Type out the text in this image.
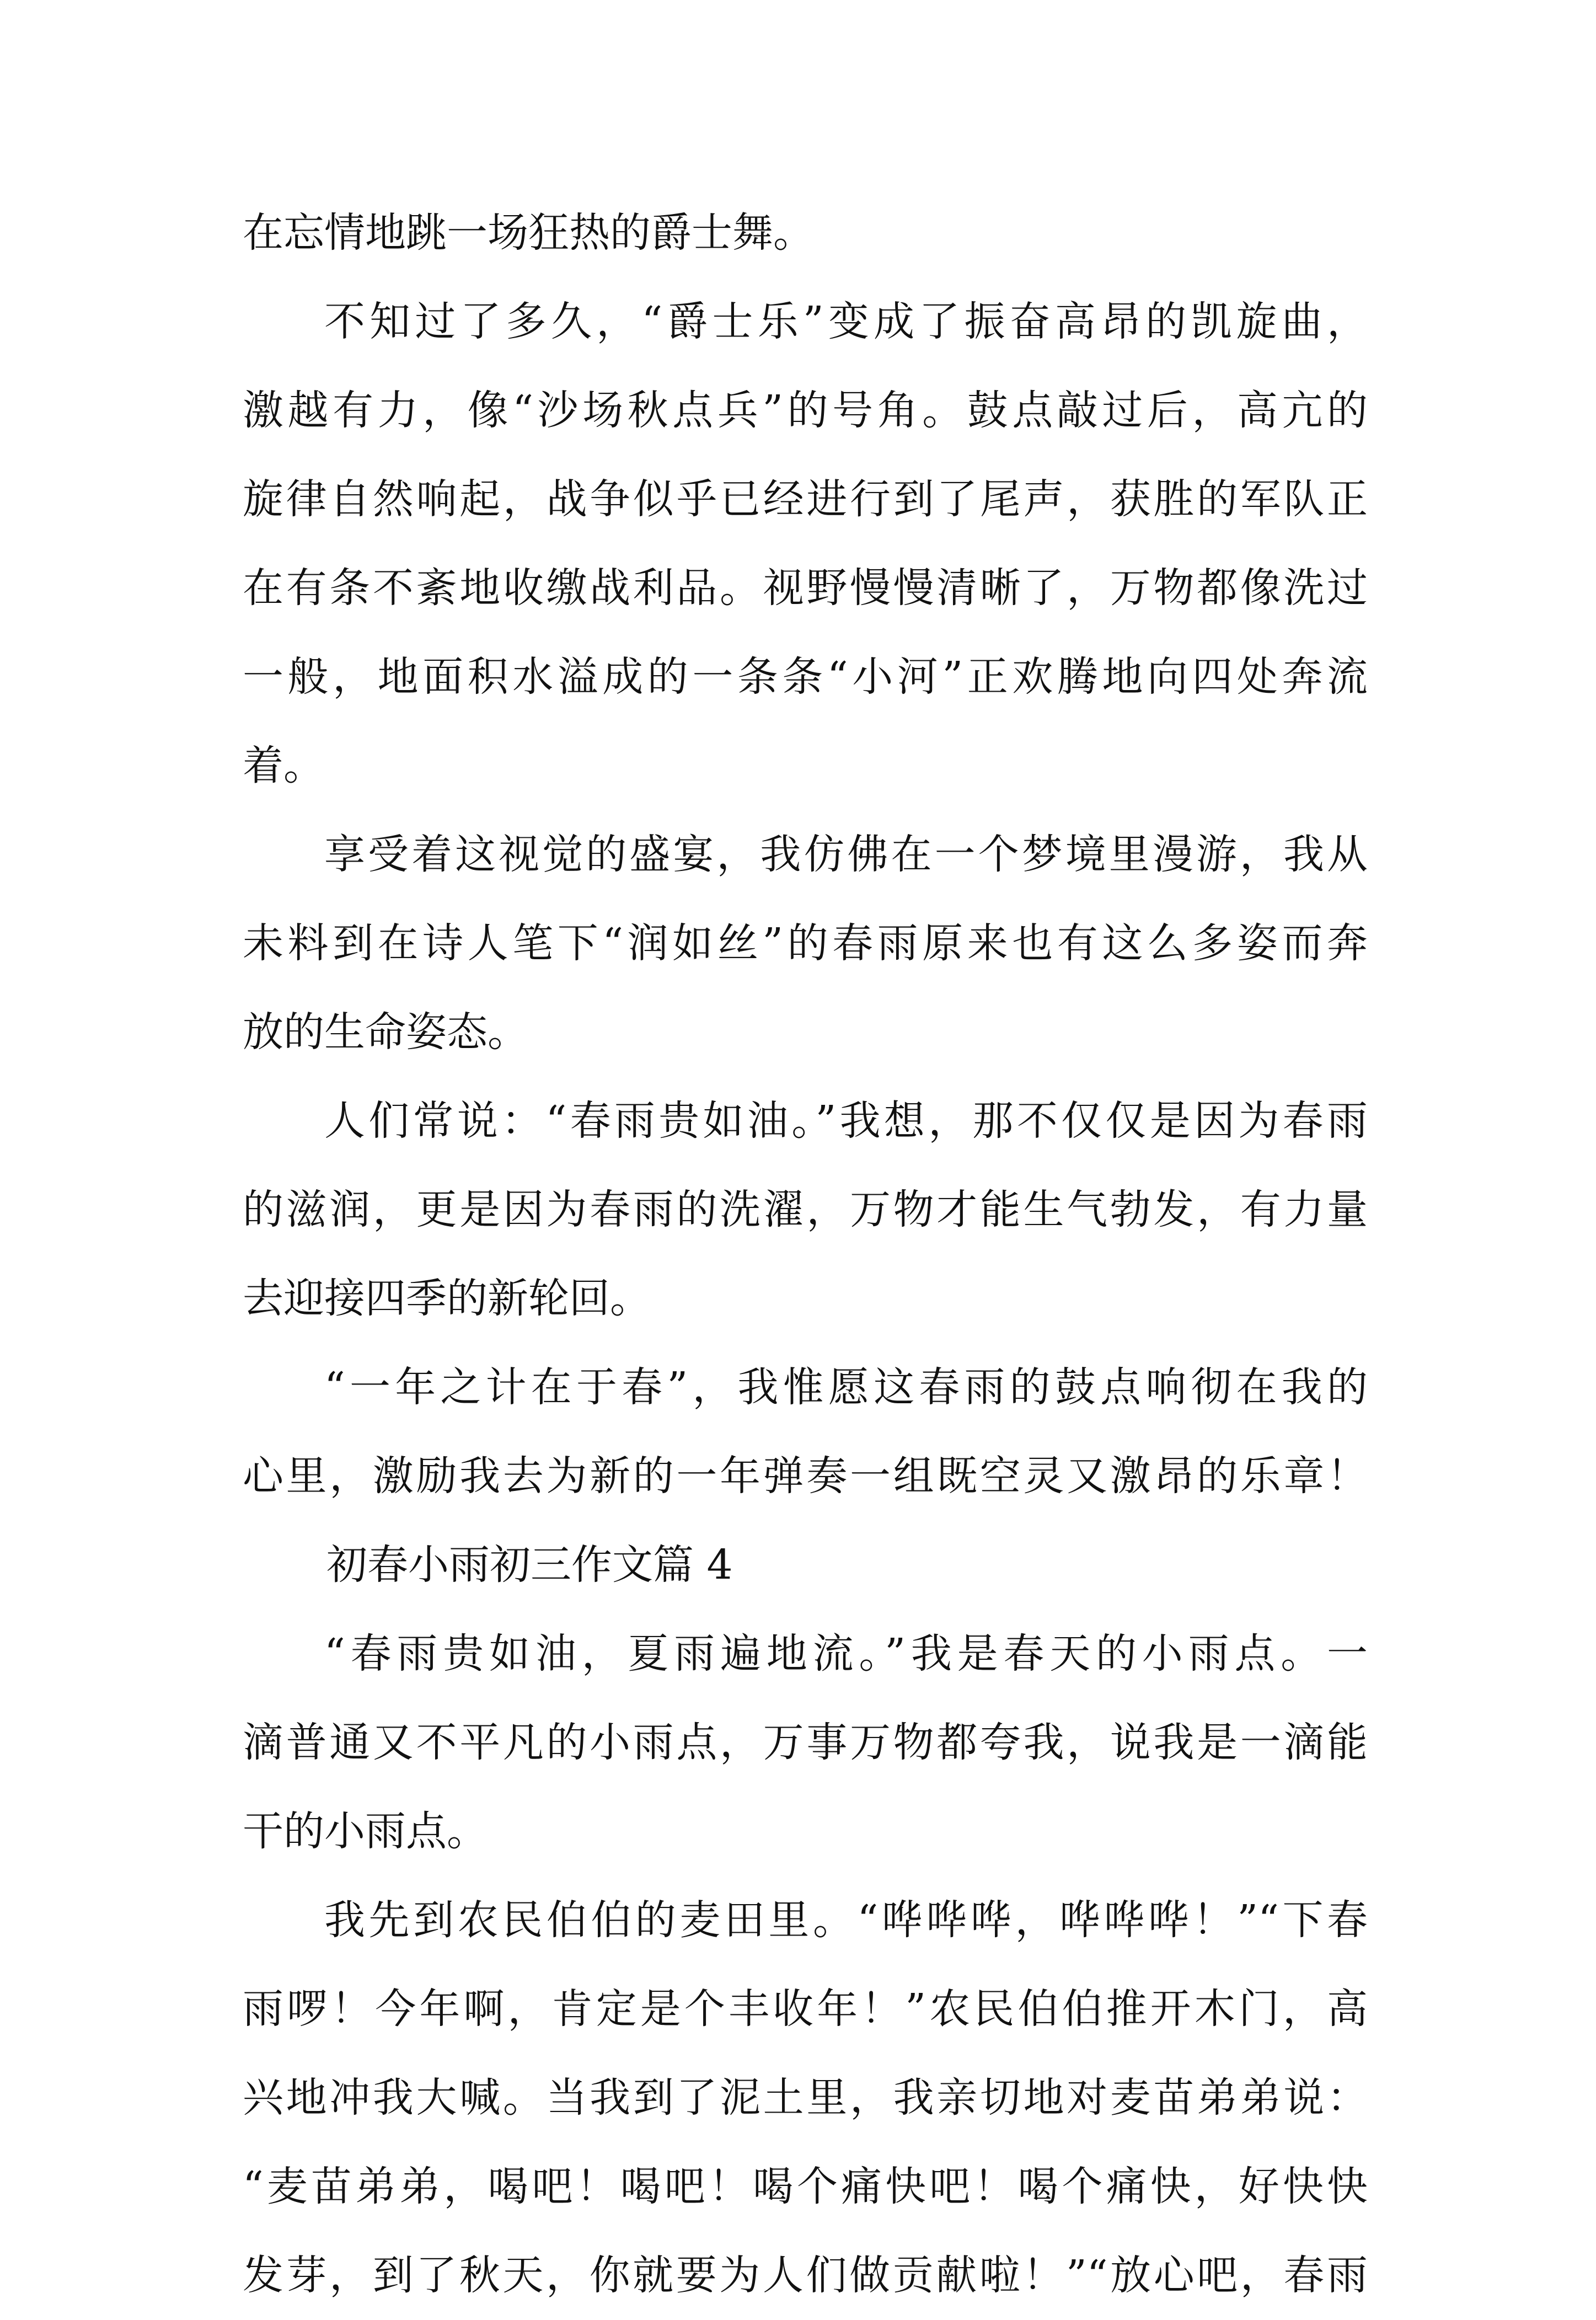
在忘情地跳一场狂热的爵士舞。
不知过了多久，“爵士乐”变成了振奋高昂的凯旋曲，
激越有力，像“沙场秋点兵”的号角。鼓点敲过后，高亢的
旋律自然响起，战争似乎已经进行到了尾声，获胜的军队正
在有条不紊地收缴战利品。视野慢慢清晰了，万物都像洗过
一般，地面积水溢成的一条条“小河”正欢腾地向四处奔流
着。
享受着这视觉的盛宴，我仿佛在一个梦境里漫游，我从
未料到在诗人笔下“润如丝”的春雨原来也有这么多姿而奔
放的生命姿态。
人们常说：“春雨贵如油。”我想，那不仅仅是因为春雨
的滋润，更是因为春雨的洗濯，万物才能生气勃发，有力量
去迎接四季的新轮回。
“一年之计在于春”，我惟愿这春雨的鼓点响彻在我的
心里，激励我去为新的一年弹奏一组既空灵又激昂的乐章！
初春小雨初三作文篇 4
“春雨贵如油，夏雨遍地流。”我是春天的小雨点。一
滴普通又不平凡的小雨点，万事万物都夸我，说我是一滴能
干的小雨点。
我先到农民伯伯的麦田里。“哗哗哗，哗哗哗！”“下春
雨啰！今年啊，肯定是个丰收年！”农民伯伯推开木门，高
兴地冲我大喊。当我到了泥土里，我亲切地对麦苗弟弟说：
“麦苗弟弟，喝吧！喝吧！喝个痛快吧！喝个痛快，好快快
发芽，到了秋天，你就要为人们做贡献啦！”“放心吧，春雨
